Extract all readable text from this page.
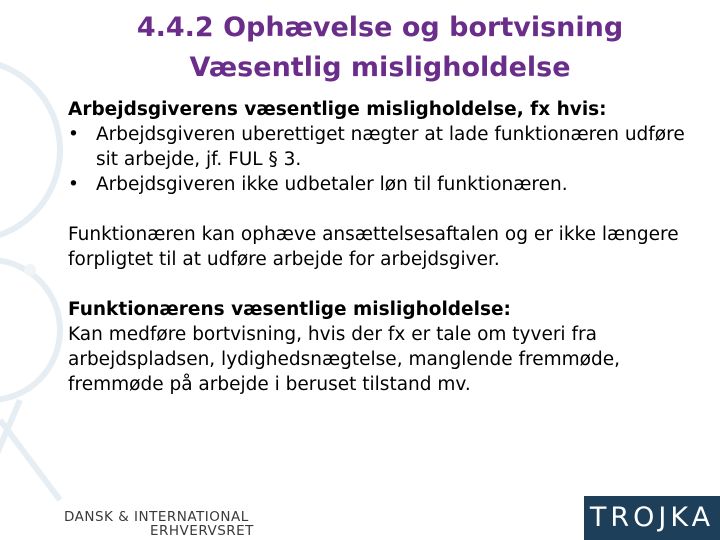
4.4.2 Ophævelse og bortvisning
Væsentlig misligholdelse

Arbejdsgiverens væsentlige misligholdelse, fx hvis:

• Arbejdsgiveren uberettiget nægter at lade funktionæren udføre sit arbejde, jf. FUL § 3.
• Arbejdsgiveren ikke udbetaler løn til funktionæren.

Funktionæren kan ophæve ansættelsesaftalen og er ikke længere forpligtet til at udføre arbejde for arbejdsgiver.

Funktionærens væsentlige misligholdelse:

Kan medføre bortvisning, hvis der fx er tale om tyveri fra arbejdspladsen, lydighedsnægtelse, manglende fremmøde, fremmøde på arbejde i beruset tilstand mv.

DANSK & INTERNATIONAL
ERHVERVSRET	TROJKA
